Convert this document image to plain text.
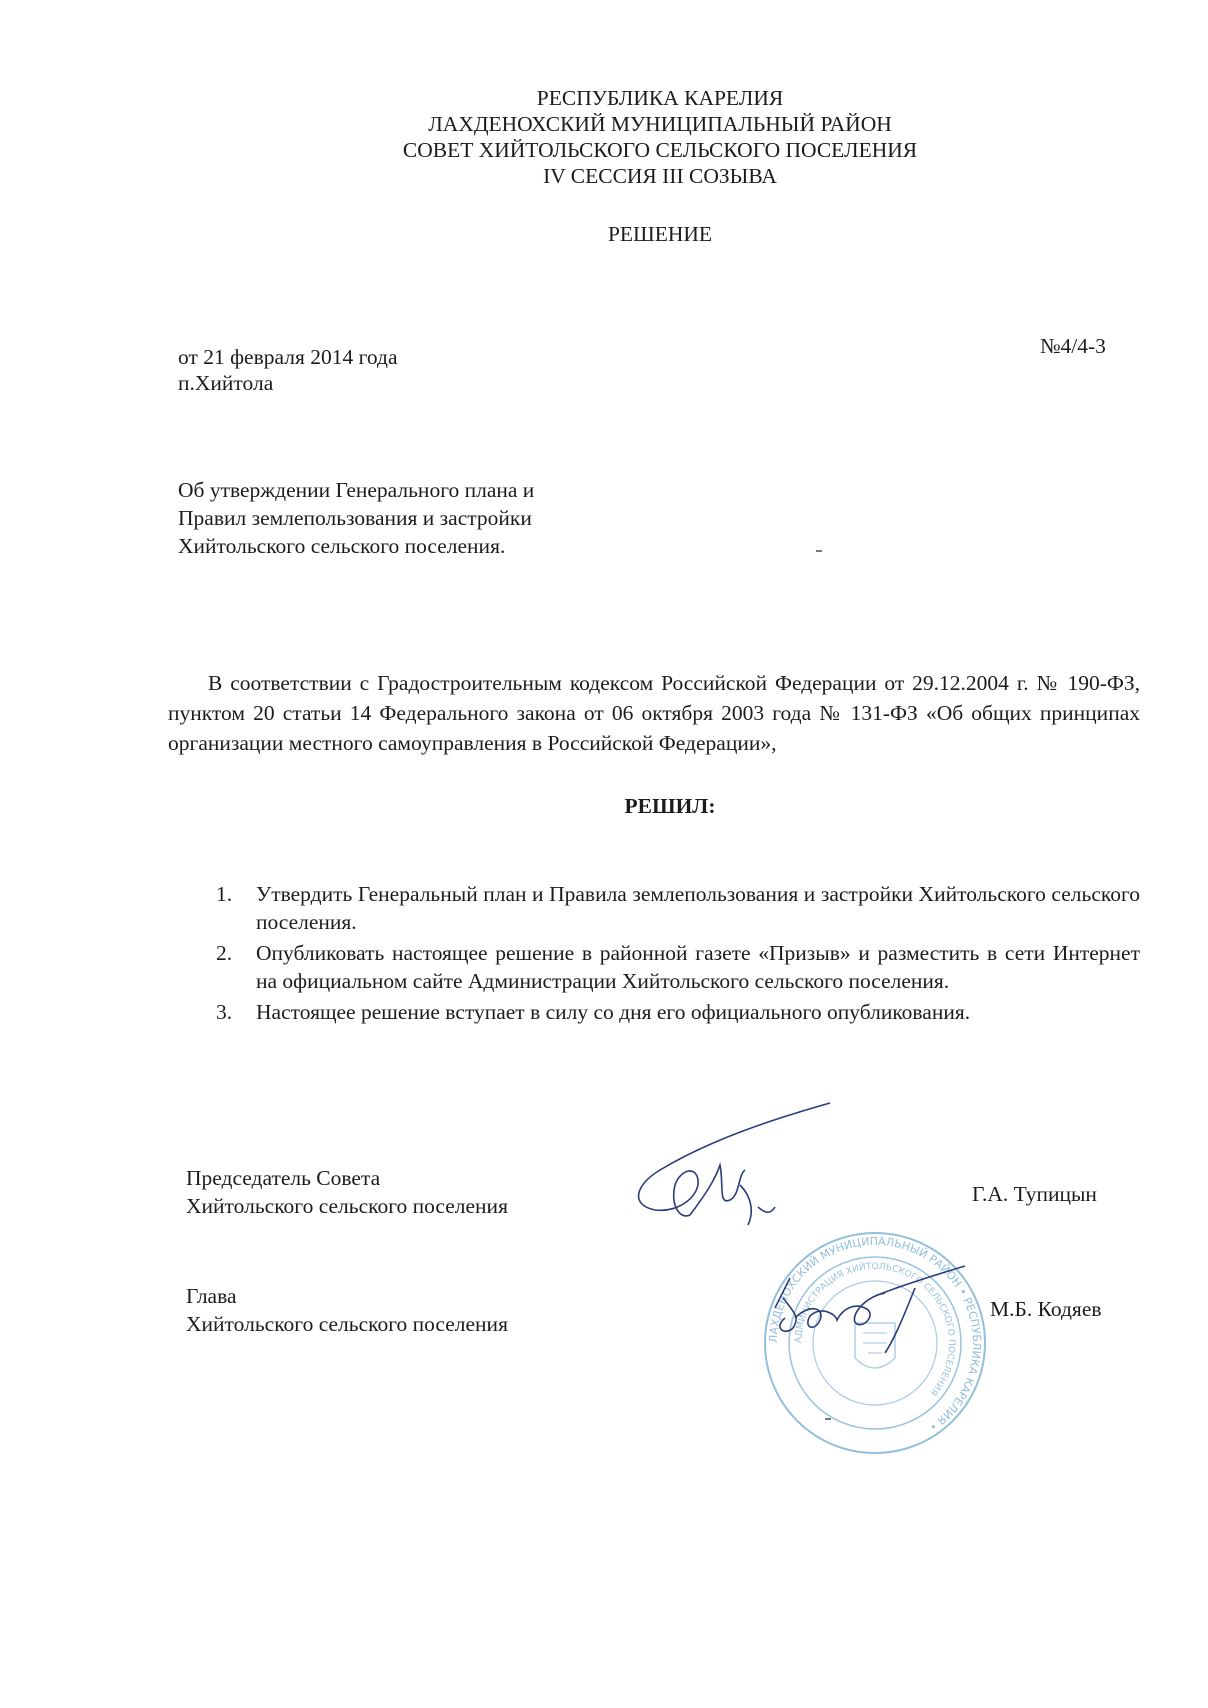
РЕСПУБЛИКА КАРЕЛИЯ
ЛАХДЕНОХСКИЙ МУНИЦИПАЛЬНЫЙ РАЙОН
СОВЕТ ХИЙТОЛЬСКОГО СЕЛЬСКОГО ПОСЕЛЕНИЯ
IV СЕССИЯ III СОЗЫВА
РЕШЕНИЕ
от 21 февраля 2014 года
п.Хийтола
№4/4-3
Об утверждении Генерального плана и
Правил землепользования и застройки
Хийтольского сельского поселения.
В соответствии с Градостроительным кодексом Российской Федерации от 29.12.2004 г. № 190-ФЗ, пунктом 20 статьи 14 Федерального закона от 06 октября 2003 года № 131-ФЗ «Об общих принципах организации местного самоуправления в Российской Федерации»,
РЕШИЛ:
1. Утвердить Генеральный план и Правила землепользования и застройки Хийтольского сельского поселения.
2. Опубликовать настоящее решение в районной газете «Призыв» и разместить в сети Интернет на официальном сайте Администрации Хийтольского сельского поселения.
3. Настоящее решение вступает в силу со дня его официального опубликования.
Председатель Совета
Хийтольского сельского поселения	Г.А. Тупицын
ЛАХДЕНОХСКИЙ МУНИЦИПАЛЬНЫЙ РАЙОН • РЕСПУБЛИКА КАРЕЛИЯ •
АДМИНИСТРАЦИЯ ХИЙТОЛЬСКОГО СЕЛЬСКОГО ПОСЕЛЕНИЯ
Глава
Хийтольского сельского поселения
М.Б. Кодяев
